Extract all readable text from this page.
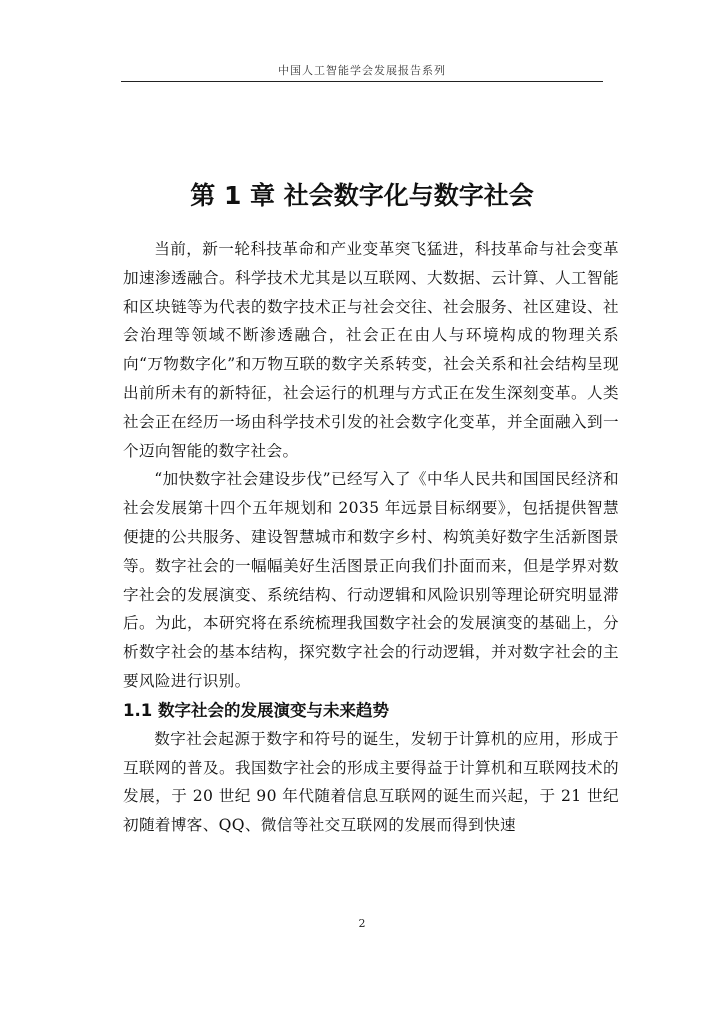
中国人工智能学会发展报告系列
第 1 章 社会数字化与数字社会

当前，新一轮科技革命和产业变革突飞猛进，科技革命与社会变革加速渗透融合。科学技术尤其是以互联网、大数据、云计算、人工智能和区块链等为代表的数字技术正与社会交往、社会服务、社区建设、社会治理等领域不断渗透融合，社会正在由人与环境构成的物理关系向“万物数字化”和万物互联的数字关系转变，社会关系和社会结构呈现出前所未有的新特征，社会运行的机理与方式正在发生深刻变革。人类社会正在经历一场由科学技术引发的社会数字化变革，并全面融入到一个迈向智能的数字社会。

“加快数字社会建设步伐”已经写入了《中华人民共和国国民经济和社会发展第十四个五年规划和 2035 年远景目标纲要》，包括提供智慧便捷的公共服务、建设智慧城市和数字乡村、构筑美好数字生活新图景等。数字社会的一幅幅美好生活图景正向我们扑面而来，但是学界对数字社会的发展演变、系统结构、行动逻辑和风险识别等理论研究明显滞后。为此，本研究将在系统梳理我国数字社会的发展演变的基础上，分析数字社会的基本结构，探究数字社会的行动逻辑，并对数字社会的主要风险进行识别。

1.1 数字社会的发展演变与未来趋势

数字社会起源于数字和符号的诞生，发轫于计算机的应用，形成于互联网的普及。我国数字社会的形成主要得益于计算机和互联网技术的发展，于 20 世纪 90 年代随着信息互联网的诞生而兴起，于 21 世纪初随着博客、QQ、微信等社交互联网的发展而得到快速

2
